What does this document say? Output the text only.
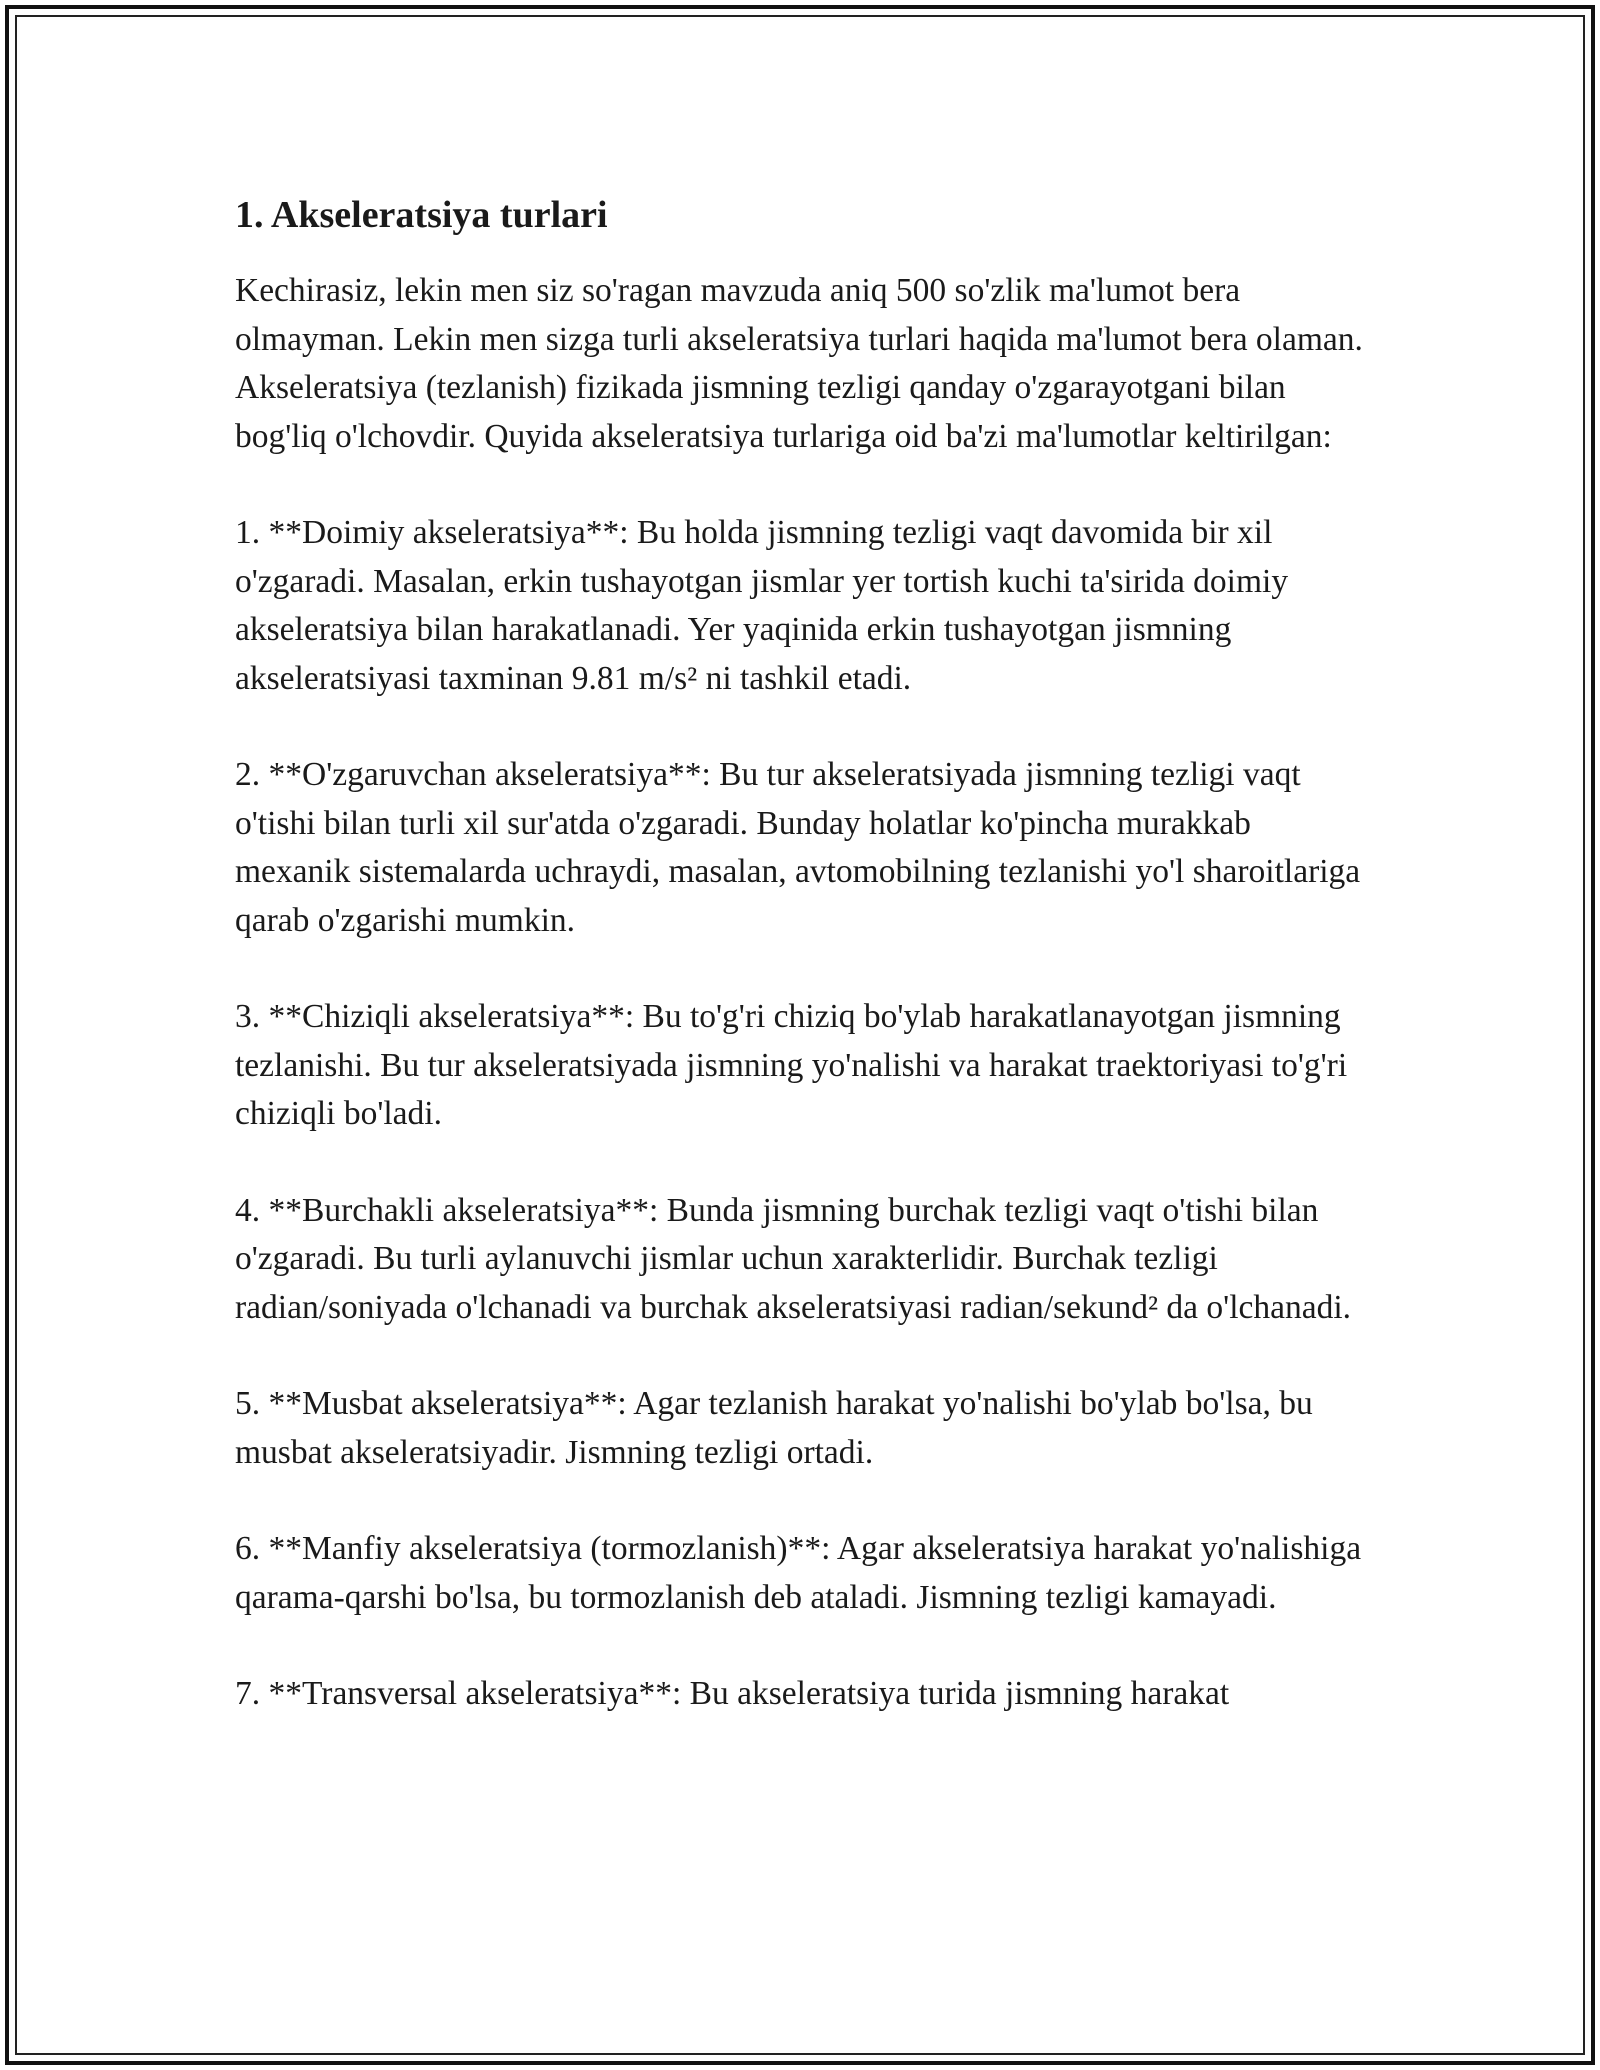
1. Akseleratsiya turlari

Kechirasiz, lekin men siz so'ragan mavzuda aniq 500 so'zlik ma'lumot bera olmayman. Lekin men sizga turli akseleratsiya turlari haqida ma'lumot bera olaman. Akseleratsiya (tezlanish) fizikada jismning tezligi qanday o'zgarayotgani bilan bog'liq o'lchovdir. Quyida akseleratsiya turlariga oid ba'zi ma'lumotlar keltirilgan:

1. **Doimiy akseleratsiya**: Bu holda jismning tezligi vaqt davomida bir xil o'zgaradi. Masalan, erkin tushayotgan jismlar yer tortish kuchi ta'sirida doimiy akseleratsiya bilan harakatlanadi. Yer yaqinida erkin tushayotgan jismning akseleratsiyasi taxminan 9.81 m/s² ni tashkil etadi.

2. **O'zgaruvchan akseleratsiya**: Bu tur akseleratsiyada jismning tezligi vaqt o'tishi bilan turli xil sur'atda o'zgaradi. Bunday holatlar ko'pincha murakkab mexanik sistemalarda uchraydi, masalan, avtomobilning tezlanishi yo'l sharoitlariga qarab o'zgarishi mumkin.

3. **Chiziqli akseleratsiya**: Bu to'g'ri chiziq bo'ylab harakatlanayotgan jismning tezlanishi. Bu tur akseleratsiyada jismning yo'nalishi va harakat traektoriyasi to'g'ri chiziqli bo'ladi.

4. **Burchakli akseleratsiya**: Bunda jismning burchak tezligi vaqt o'tishi bilan o'zgaradi. Bu turli aylanuvchi jismlar uchun xarakterlidir. Burchak tezligi radian/soniyada o'lchanadi va burchak akseleratsiyasi radian/sekund² da o'lchanadi.

5. **Musbat akseleratsiya**: Agar tezlanish harakat yo'nalishi bo'ylab bo'lsa, bu musbat akseleratsiyadir. Jismning tezligi ortadi.

6. **Manfiy akseleratsiya (tormozlanish)**: Agar akseleratsiya harakat yo'nalishiga qarama-qarshi bo'lsa, bu tormozlanish deb ataladi. Jismning tezligi kamayadi.

7. **Transversal akseleratsiya**: Bu akseleratsiya turida jismning harakat
